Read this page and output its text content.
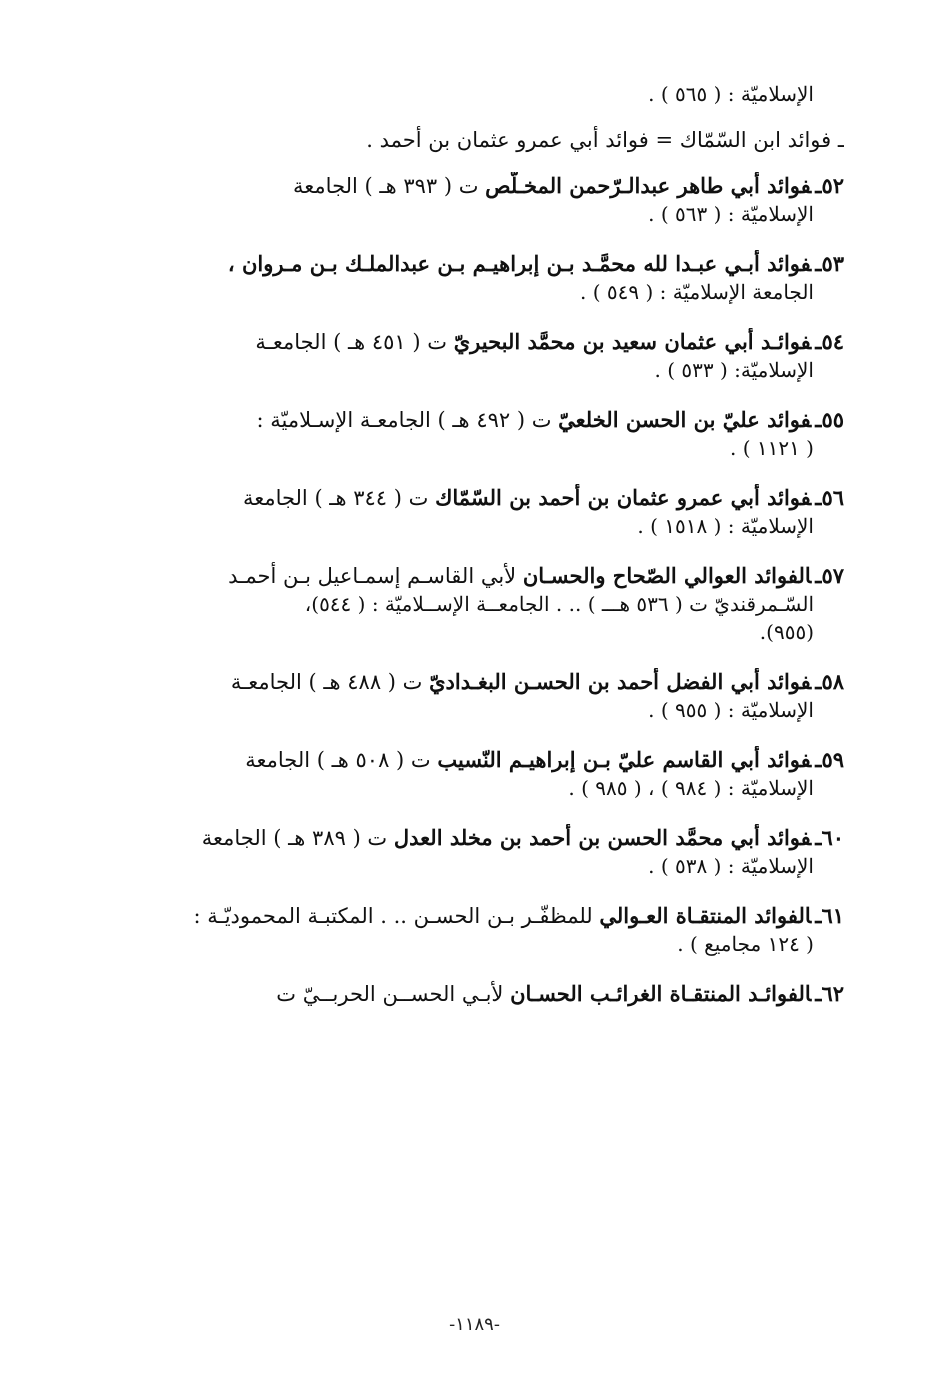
الإسلاميّة : ( ٥٦٥ ) .

ـ فوائد ابن السّمّاك = فوائد أبي عمرو عثمان بن أحمد .

٥٢ـفوائد أبي طاهر عبدالـرّحمن المخـلّص ت ( ٣٩٣ هـ ) الجامعة

الإسلاميّة : ( ٥٦٣ ) .

٥٣ـفوائد أبـي عبـدا لله محمَّـد بـن إبراهيـم بـن عبدالملـك بـن مـروان ،

الجامعة الإسلاميّة : ( ٥٤٩ ) .

٥٤ـفوائـد أبي عثمان سعيد بن محمَّد البحيريّ ت ( ٤٥١ هـ ) الجامعـة

الإسلاميّة: ( ٥٣٣ ) .

٥٥ـفوائد عليّ بن الحسن الخلعيّ ت ( ٤٩٢ هـ ) الجامعـة الإسـلاميّة :

( ١١٢١ ) .

٥٦ـفوائد أبي عمرو عثمان بن أحمد بن السّمّاك ت ( ٣٤٤ هـ ) الجامعة

الإسلاميّة : ( ١٥١٨ ) .

٥٧ـالفوائد العوالي الصّحاح والحسـان لأبي القاسـم إسمـاعيل بـن أحمـد

السّـمرقنديّ ت ( ٥٣٦ هـــ ) .. . الجامعــة الإســلاميّة : ( ٥٤٤)،

(٩٥٥).

٥٨ـفوائد أبي الفضل أحمد بن الحسـن البغـداديّ ت ( ٤٨٨ هـ ) الجامعـة

الإسلاميّة : ( ٩٥٥ ) .

٥٩ـفوائد أبي القاسم عليّ بـن إبراهيـم النّسيب ت ( ٥٠٨ هـ ) الجامعة

الإسلاميّة : ( ٩٨٤ ) ، ( ٩٨٥ ) .

٦٠ـفوائد أبي محمَّد الحسن بن أحمد بن مخلد العدل ت ( ٣٨٩ هـ ) الجامعة

الإسلاميّة : ( ٥٣٨ ) .

٦١ـالفوائد المنتقـاة العـوالي للمظفّـر بـن الحسـن .. . المكتبـة المحموديّـة :

( ١٢٤ مجاميع ) .

٦٢ـالفوائـد المنتقـاة الغرائـب الحسـان لأبـي الحســن الحربــيّ ت

-١١٨٩-
